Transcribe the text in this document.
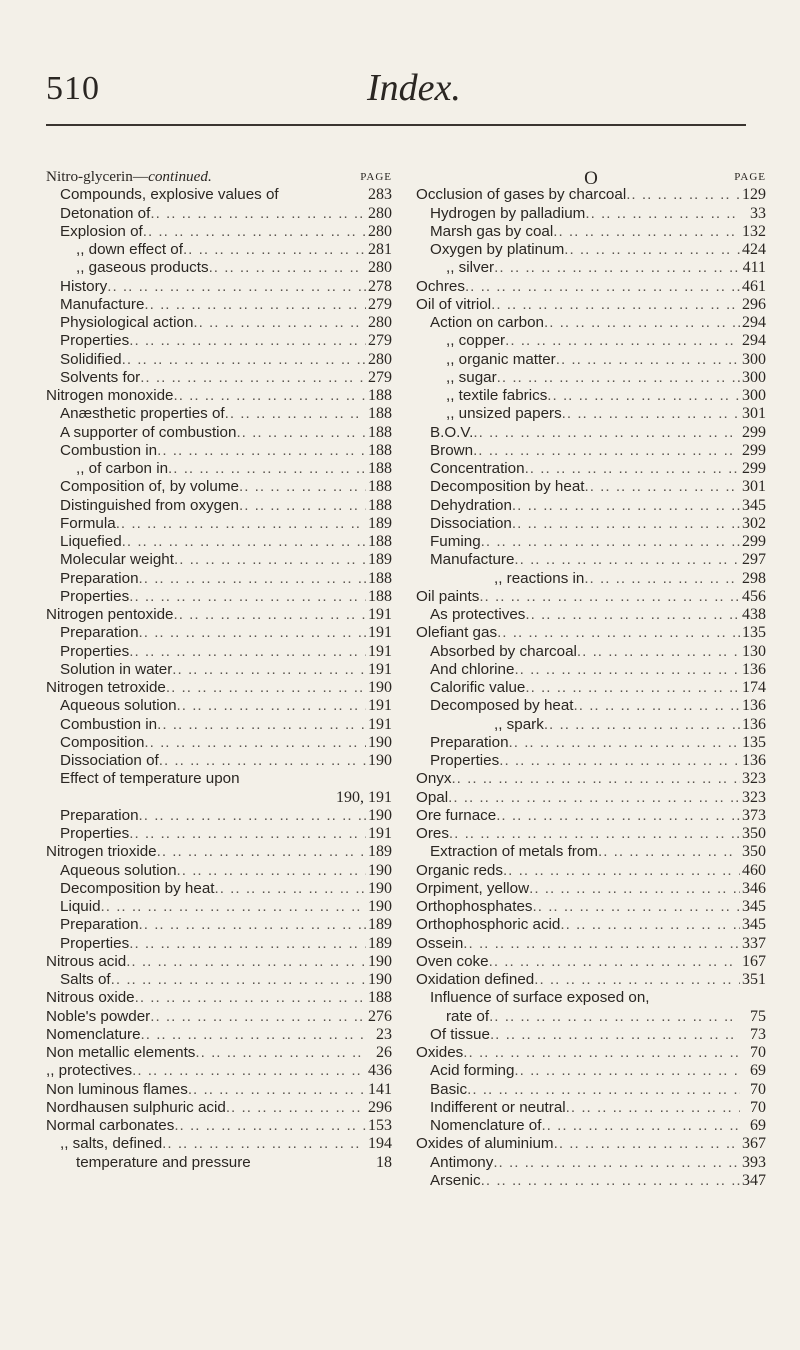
510	Index.
Nitro-glycerin—continued.	PAGE
Compounds, explosive values of	283
Detonation of .. ..	280
Explosion of .. ..	280
,, down effect of .. ..	281
,, gaseous products .. ..	280
History .. ..	278
Manufacture .. ..	279
Physiological action .. ..	280
Properties .. ..	279
Solidified .. ..	280
Solvents for .. ..	279
Nitrogen monoxide .. ..	188
Anæsthetic properties of .. ..	188
A supporter of combustion .. ..	188
Combustion in .. ..	188
,, of carbon in .. ..	188
Composition of, by volume .. ..	188
Distinguished from oxygen .. ..	188
Formula .. ..	189
Liquefied .. ..	188
Molecular weight .. ..	189
Preparation .. ..	188
Properties .. ..	188
Nitrogen pentoxide .. ..	191
Preparation .. ..	191
Properties .. ..	191
Solution in water .. ..	191
Nitrogen tetroxide .. ..	190
Aqueous solution .. ..	191
Combustion in .. ..	191
Composition .. ..	190
Dissociation of .. ..	190
Effect of temperature upon
190, 191
Preparation .. ..	190
Properties .. ..	191
Nitrogen trioxide .. ..	189
Aqueous solution .. ..	190
Decomposition by heat .. ..	190
Liquid .. ..	190
Preparation .. ..	189
Properties .. ..	189
Nitrous acid .. ..	190
Salts of .. ..	190
Nitrous oxide .. ..	188
Noble's powder .. ..	276
Nomenclature .. ..	23
Non metallic elements .. ..	26
,, protectives .. ..	436
Non luminous flames .. ..	141
Nordhausen sulphuric acid .. ..	296
Normal carbonates .. ..	153
,, salts, defined .. ..	194
temperature and pressure	18
PAGE
O
Occlusion of gases by charcoal .. ..	129
Hydrogen by palladium .. ..	33
Marsh gas by coal .. ..	132
Oxygen by platinum .. ..	424
,, silver .. ..	411
Ochres .. ..	461
Oil of vitriol .. ..	296
Action on carbon .. ..	294
,, copper .. ..	294
,, organic matter .. ..	300
,, sugar .. ..	300
,, textile fabrics .. ..	300
,, unsized papers .. ..	301
B.O.V. .. ..	299
Brown .. ..	299
Concentration .. ..	299
Decomposition by heat .. ..	301
Dehydration .. ..	345
Dissociation .. ..	302
Fuming .. ..	299
Manufacture .. ..	297
,, reactions in .. ..	298
Oil paints .. ..	456
As protectives .. ..	438
Olefiant gas .. ..	135
Absorbed by charcoal .. ..	130
And chlorine .. ..	136
Calorific value .. ..	174
Decomposed by heat .. ..	136
,, spark .. ..	136
Preparation .. ..	135
Properties .. ..	136
Onyx .. ..	323
Opal .. ..	323
Ore furnace .. ..	373
Ores .. ..	350
Extraction of metals from .. ..	350
Organic reds .. ..	460
Orpiment, yellow .. ..	346
Orthophosphates .. ..	345
Orthophosphoric acid .. ..	345
Ossein .. ..	337
Oven coke .. ..	167
Oxidation defined .. ..	351
Influence of surface exposed on,
rate of .. ..	75
Of tissue .. ..	73
Oxides .. ..	70
Acid forming .. ..	69
Basic .. ..	70
Indifferent or neutral .. ..	70
Nomenclature of .. ..	69
Oxides of aluminium .. ..	367
Antimony .. ..	393
Arsenic .. ..	347
